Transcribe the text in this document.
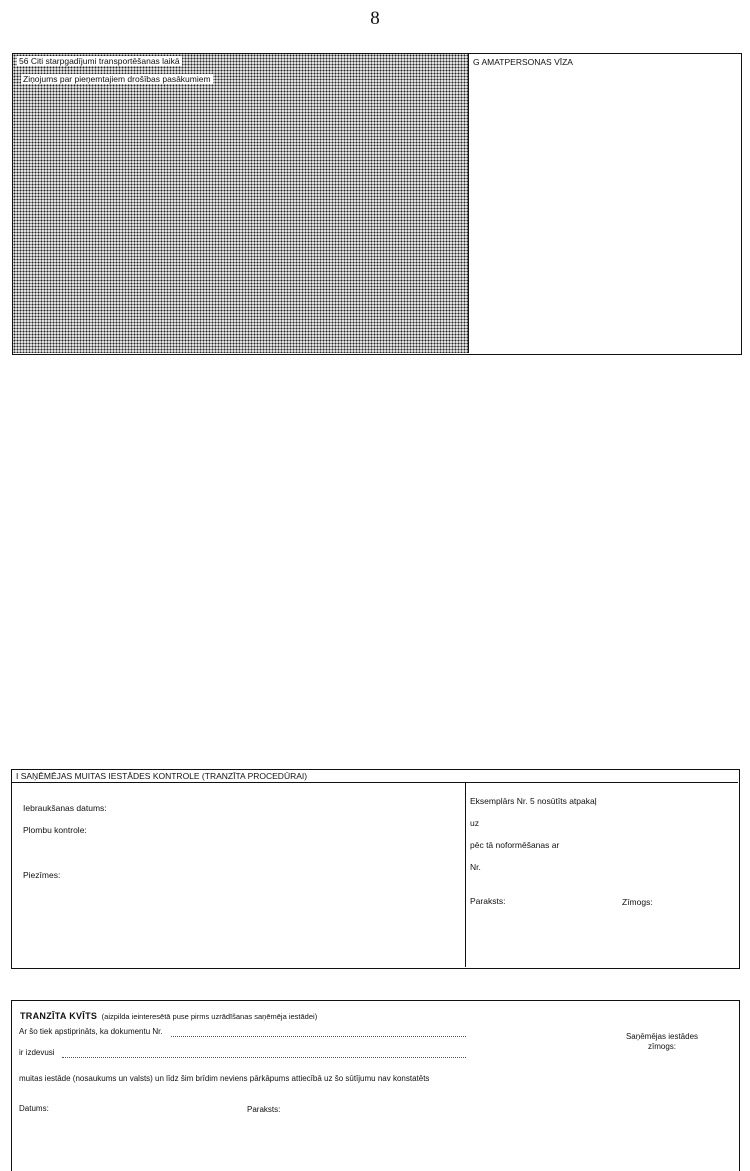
8
56 Citi starpgadījumi transportēšanas laikā
Ziņojums par pieņemtajiem drošības pasākumiem
G AMATPERSONAS VĪZA
I SAŅĒMĒJAS MUITAS IESTĀDES KONTROLE (TRANZĪTA PROCEDŪRAI)
Iebraukšanas datums:
Plombu kontrole:
Piezīmes:
Eksemplārs Nr. 5 nosūtīts atpakaļ
uz
pēc tā noformēšanas ar
Nr.
Paraksts:	Zīmogs:
TRANZĪTA KVĪTS (aizpilda ieinteresētā puse pirms uzrādīšanas saņēmēja iestādei)
Ar šo tiek apstiprināts, ka dokumentu Nr.
ir izdevusi
muitas iestāde (nosaukums un valsts) un līdz šim brīdim neviens pārkāpums attiecībā uz šo sūtījumu nav konstatēts
Datums:	Paraksts:
Saņēmējas iestādes
zīmogs:
